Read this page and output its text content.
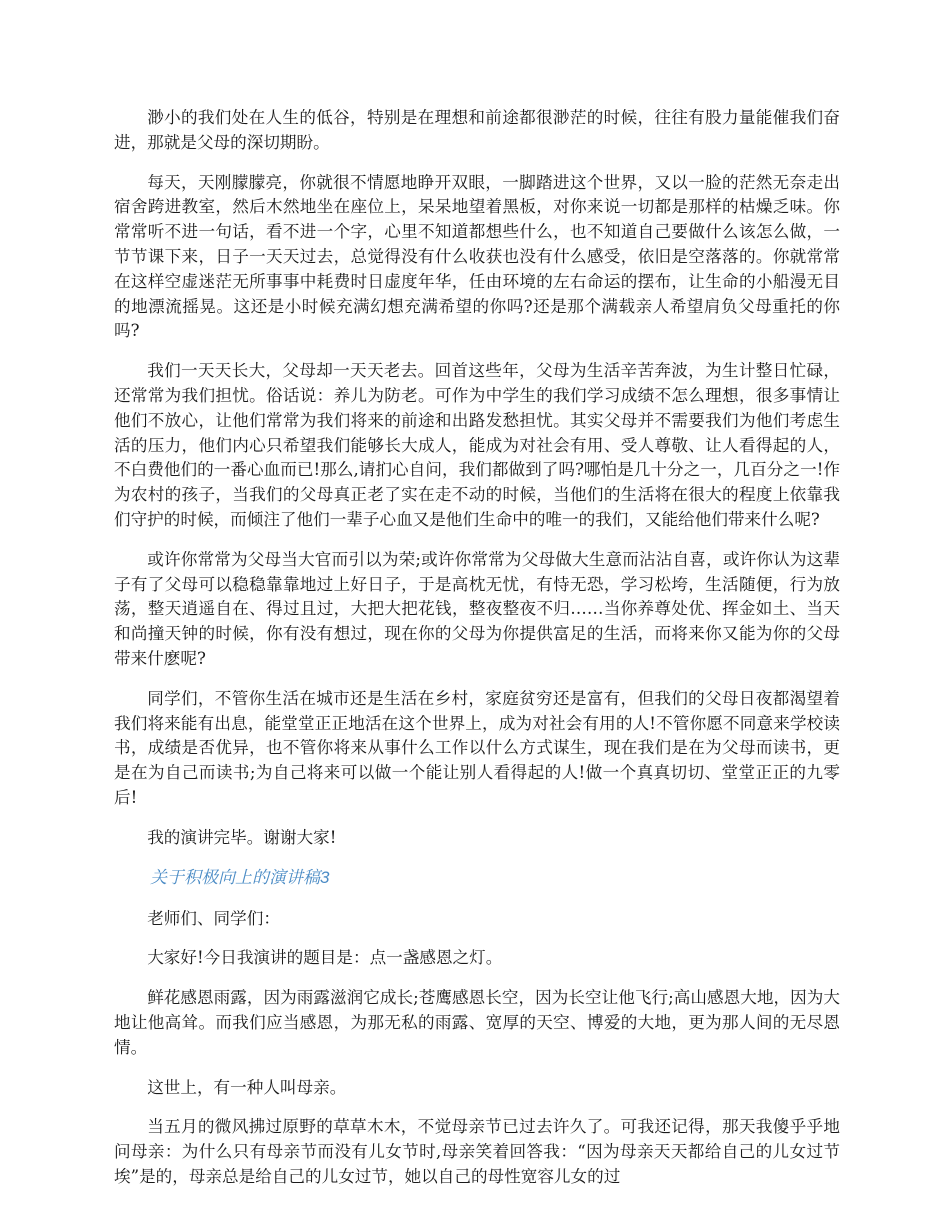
渺小的我们处在人生的低谷，特别是在理想和前途都很渺茫的时候，往往有股力量能催我们奋进，那就是父母的深切期盼。

每天，天刚朦朦亮，你就很不情愿地睁开双眼，一脚踏进这个世界，又以一脸的茫然无奈走出宿舍跨进教室，然后木然地坐在座位上，呆呆地望着黑板，对你来说一切都是那样的枯燥乏味。你常常听不进一句话，看不进一个字，心里不知道都想些什么，也不知道自己要做什么该怎么做，一节节课下来，日子一天天过去，总觉得没有什么收获也没有什么感受，依旧是空落落的。你就常常在这样空虚迷茫无所事事中耗费时日虚度年华，任由环境的左右命运的摆布，让生命的小船漫无目的地漂流摇晃。这还是小时候充满幻想充满希望的你吗?还是那个满载亲人希望肩负父母重托的你吗?

我们一天天长大，父母却一天天老去。回首这些年，父母为生活辛苦奔波，为生计整日忙碌，还常常为我们担忧。俗话说：养儿为防老。可作为中学生的我们学习成绩不怎么理想，很多事情让他们不放心，让他们常常为我们将来的前途和出路发愁担忧。其实父母并不需要我们为他们考虑生活的压力，他们内心只希望我们能够长大成人，能成为对社会有用、受人尊敬、让人看得起的人，不白费他们的一番心血而已!那么,请扪心自问，我们都做到了吗?哪怕是几十分之一，几百分之一!作为农村的孩子，当我们的父母真正老了实在走不动的时候，当他们的生活将在很大的程度上依靠我们守护的时候，而倾注了他们一辈子心血又是他们生命中的唯一的我们，又能给他们带来什么呢?

或许你常常为父母当大官而引以为荣;或许你常常为父母做大生意而沾沾自喜，或许你认为这辈子有了父母可以稳稳靠靠地过上好日子，于是高枕无忧，有恃无恐，学习松垮，生活随便，行为放荡，整天逍遥自在、得过且过，大把大把花钱，整夜整夜不归……当你养尊处优、挥金如土、当天和尚撞天钟的时候，你有没有想过，现在你的父母为你提供富足的生活，而将来你又能为你的父母带来什麽呢?

同学们，不管你生活在城市还是生活在乡村，家庭贫穷还是富有，但我们的父母日夜都渴望着我们将来能有出息，能堂堂正正地活在这个世界上，成为对社会有用的人!不管你愿不同意来学校读书，成绩是否优异，也不管你将来从事什么工作以什么方式谋生，现在我们是在为父母而读书，更是在为自己而读书;为自己将来可以做一个能让别人看得起的人!做一个真真切切、堂堂正正的九零后!

我的演讲完毕。谢谢大家!

关于积极向上的演讲稿3

老师们、同学们：

大家好!今日我演讲的题目是：点一盏感恩之灯。

鲜花感恩雨露，因为雨露滋润它成长;苍鹰感恩长空，因为长空让他飞行;高山感恩大地，因为大地让他高耸。而我们应当感恩，为那无私的雨露、宽厚的天空、博爱的大地，更为那人间的无尽恩情。

这世上，有一种人叫母亲。

当五月的微风拂过原野的草草木木，不觉母亲节已过去许久了。可我还记得，那天我傻乎乎地问母亲：为什么只有母亲节而没有儿女节时,母亲笑着回答我：“因为母亲天天都给自己的儿女过节埃”是的，母亲总是给自己的儿女过节，她以自己的母性宽容儿女的过
